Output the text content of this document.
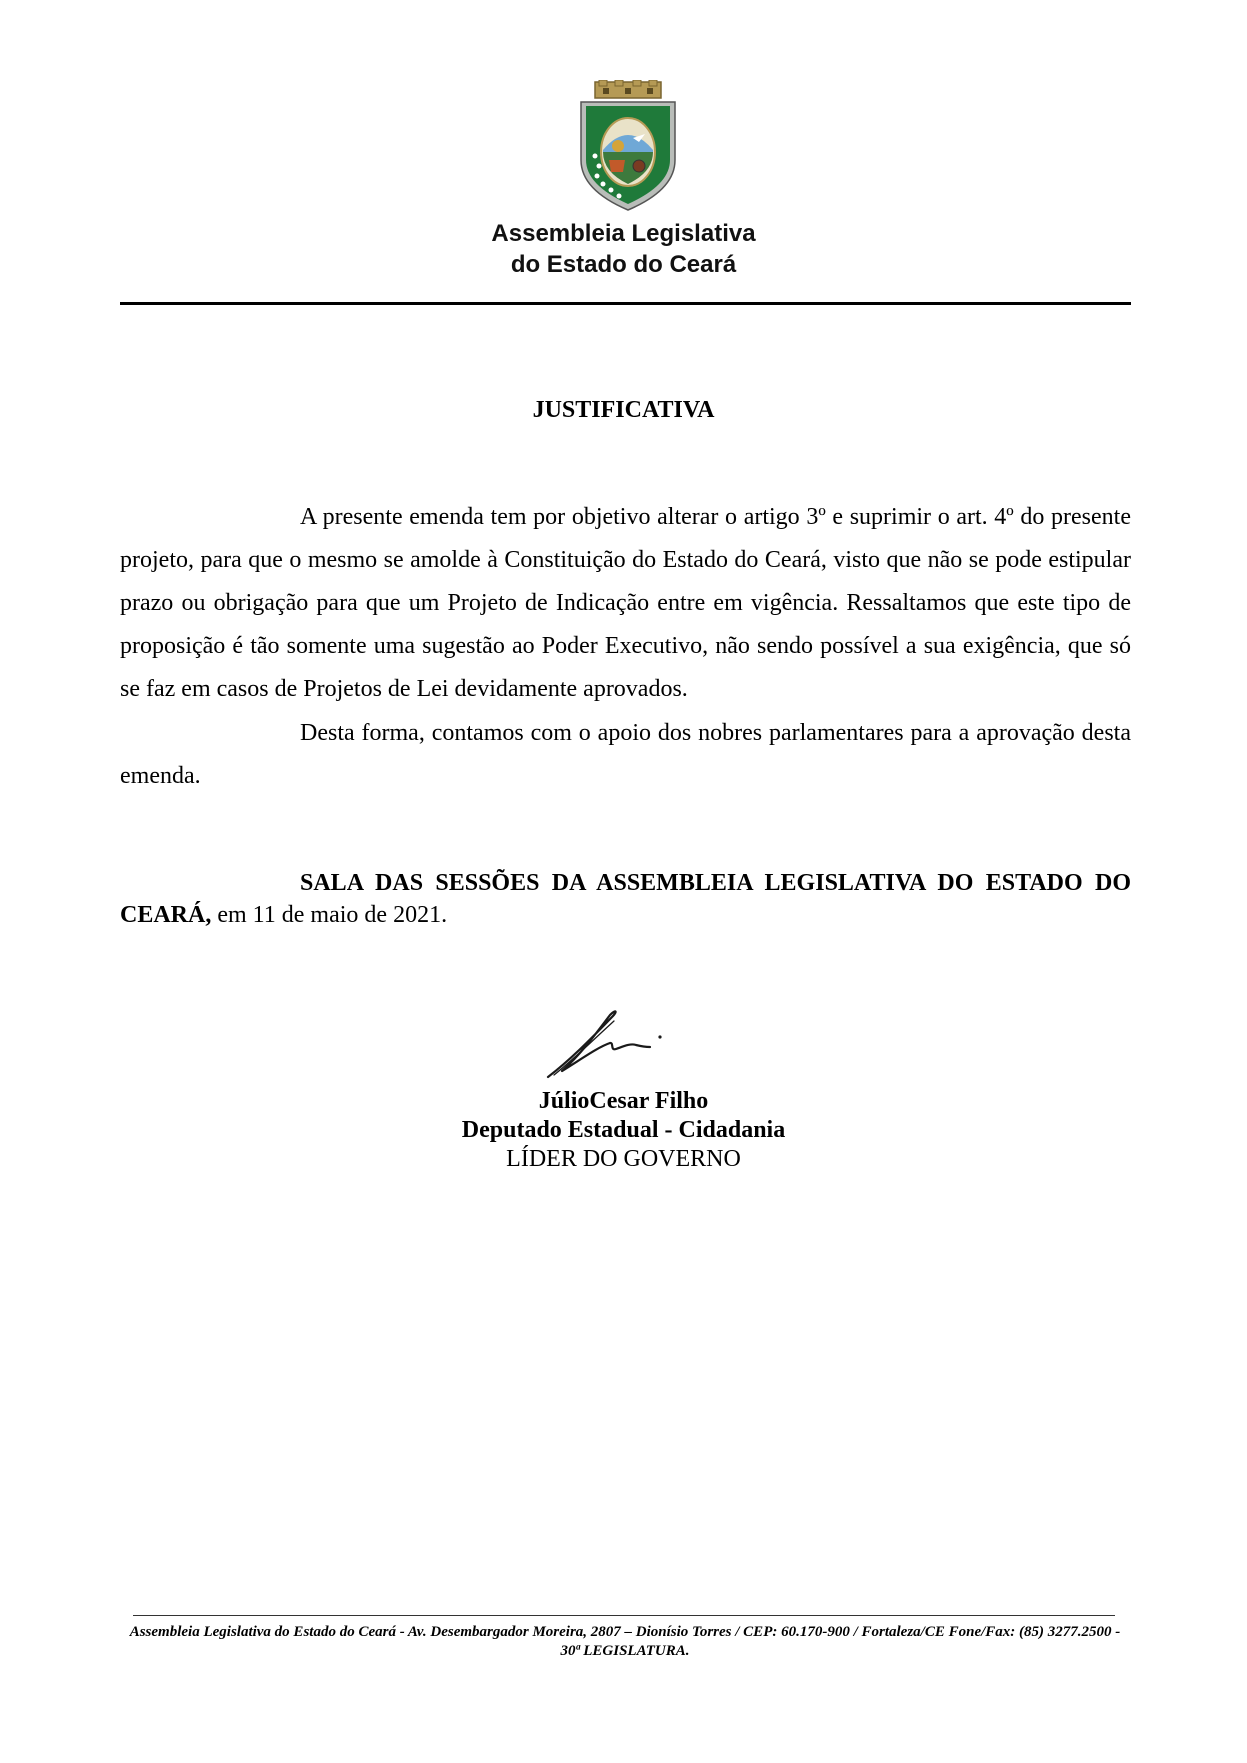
Assembleia Legislativa
do Estado do Ceará
JUSTIFICATIVA

A presente emenda tem por objetivo alterar o artigo 3º e suprimir o art. 4º do presente projeto, para que o mesmo se amolde à Constituição do Estado do Ceará, visto que não se pode estipular prazo ou obrigação para que um Projeto de Indicação entre em vigência. Ressaltamos que este tipo de proposição é tão somente uma sugestão ao Poder Executivo, não sendo possível a sua exigência, que só se faz em casos de Projetos de Lei devidamente aprovados.

Desta forma, contamos com o apoio dos nobres parlamentares para a aprovação desta emenda.

SALA DAS SESSÕES DA ASSEMBLEIA LEGISLATIVA DO ESTADO DO CEARÁ, em 11 de maio de 2021.

JúlioCesar Filho
Deputado Estadual - Cidadania
LÍDER DO GOVERNO
Assembleia Legislativa do Estado do Ceará - Av. Desembargador Moreira, 2807 – Dionísio Torres / CEP: 60.170-900 / Fortaleza/CE Fone/Fax: (85) 3277.2500 - 30ª LEGISLATURA.
